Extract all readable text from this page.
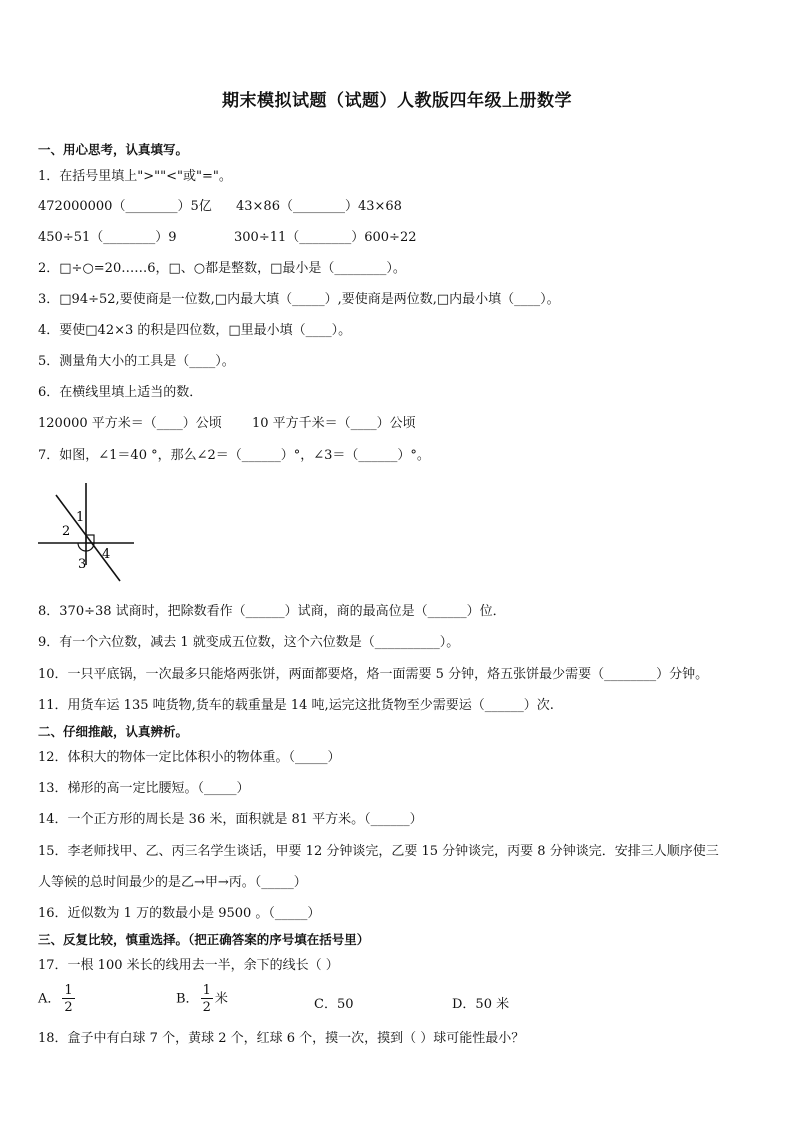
期末模拟试题（试题）人教版四年级上册数学
一、用心思考，认真填写。
1．在括号里填上">""<"或"="。
472000000（________）5亿 43×86（________）43×68
450÷51（________）9	300÷11（________）600÷22
2．□÷○=20……6，□、○都是整数，□最小是（________）。
3．□94÷52,要使商是一位数,□内最大填（_____）,要使商是两位数,□内最小填（____）。
4．要使□42×3 的积是四位数，□里最小填（____）。
5．测量角大小的工具是（____）。
6．在横线里填上适当的数．
120000 平方米＝（____）公顷 10 平方千米＝（____）公顷
7．如图，∠1＝40 °，那么∠2＝（______）°，∠3＝（______）°。
1
2
3
4
8．370÷38 试商时，把除数看作（______）试商，商的最高位是（______）位．
9．有一个六位数，减去 1 就变成五位数，这个六位数是（__________）。
10．一只平底锅，一次最多只能烙两张饼，两面都要烙，烙一面需要 5 分钟，烙五张饼最少需要（________）分钟。
11．用货车运 135 吨货物,货车的载重量是 14 吨,运完这批货物至少需要运（______）次.
二、仔细推敲，认真辨析。
12．体积大的物体一定比体积小的物体重。（_____）
13．梯形的高一定比腰短。（_____）
14．一个正方形的周长是 36 米，面积就是 81 平方米。（______）
15．李老师找甲、乙、丙三名学生谈话，甲要 12 分钟谈完，乙要 15 分钟谈完，丙要 8 分钟谈完．安排三人顺序使三
人等候的总时间最少的是乙→甲→丙。（_____）
16．近似数为 1 万的数最小是 9500 。（_____）
三、反复比较，慎重选择。（把正确答案的序号填在括号里）
17．一根 100 米长的线用去一半，余下的线长（ ）
A． $\frac{1}{2}$	B． $\frac{1}{2}$ 米	C．50	D．50 米
18．盒子中有白球 7 个，黄球 2 个，红球 6 个，摸一次，摸到（ ）球可能性最小？
